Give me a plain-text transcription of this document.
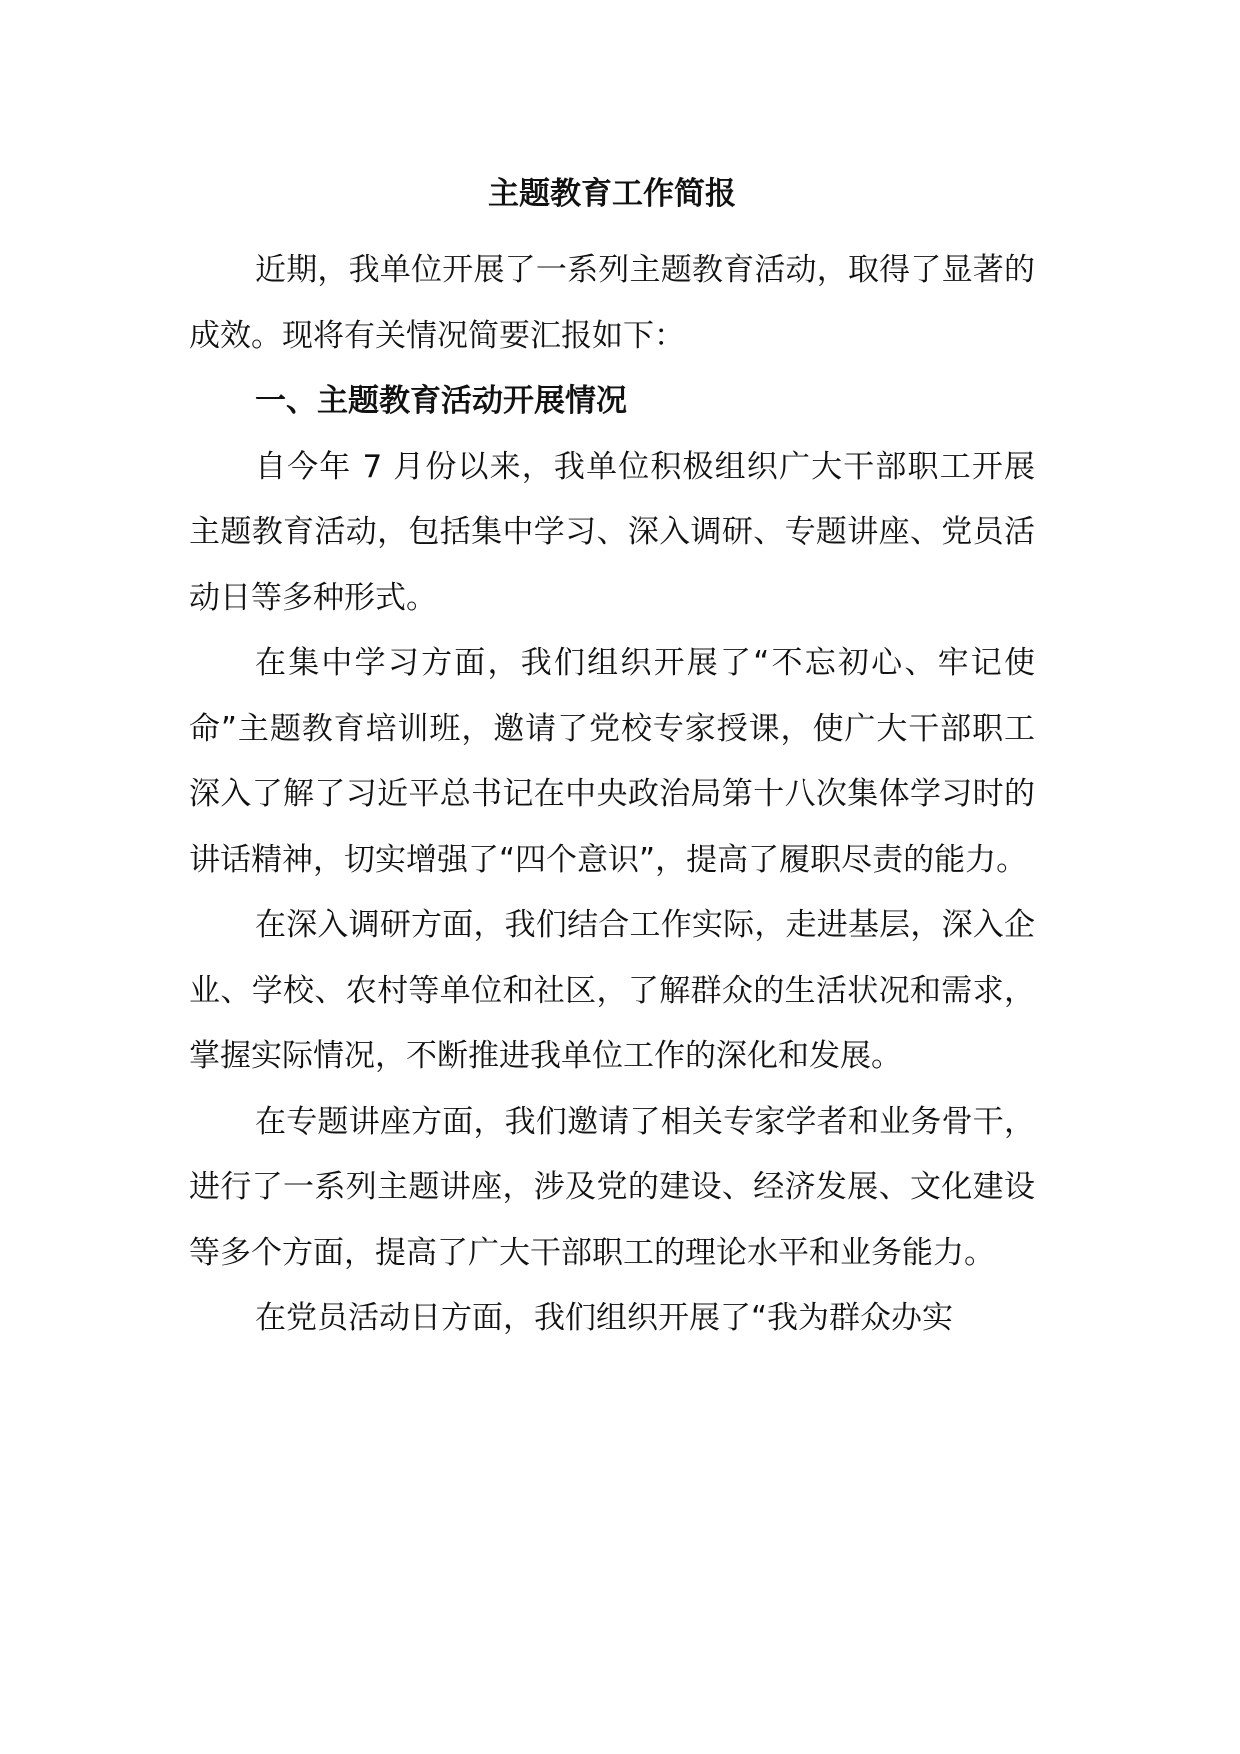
主题教育工作简报

近期，我单位开展了一系列主题教育活动，取得了显著的成效。现将有关情况简要汇报如下：

一、主题教育活动开展情况

自今年 7 月份以来，我单位积极组织广大干部职工开展主题教育活动，包括集中学习、深入调研、专题讲座、党员活动日等多种形式。

在集中学习方面，我们组织开展了“不忘初心、牢记使命”主题教育培训班，邀请了党校专家授课，使广大干部职工深入了解了习近平总书记在中央政治局第十八次集体学习时的讲话精神，切实增强了“四个意识”，提高了履职尽责的能力。

在深入调研方面，我们结合工作实际，走进基层，深入企业、学校、农村等单位和社区，了解群众的生活状况和需求，掌握实际情况，不断推进我单位工作的深化和发展。

在专题讲座方面，我们邀请了相关专家学者和业务骨干，进行了一系列主题讲座，涉及党的建设、经济发展、文化建设等多个方面，提高了广大干部职工的理论水平和业务能力。

在党员活动日方面，我们组织开展了“我为群众办实
